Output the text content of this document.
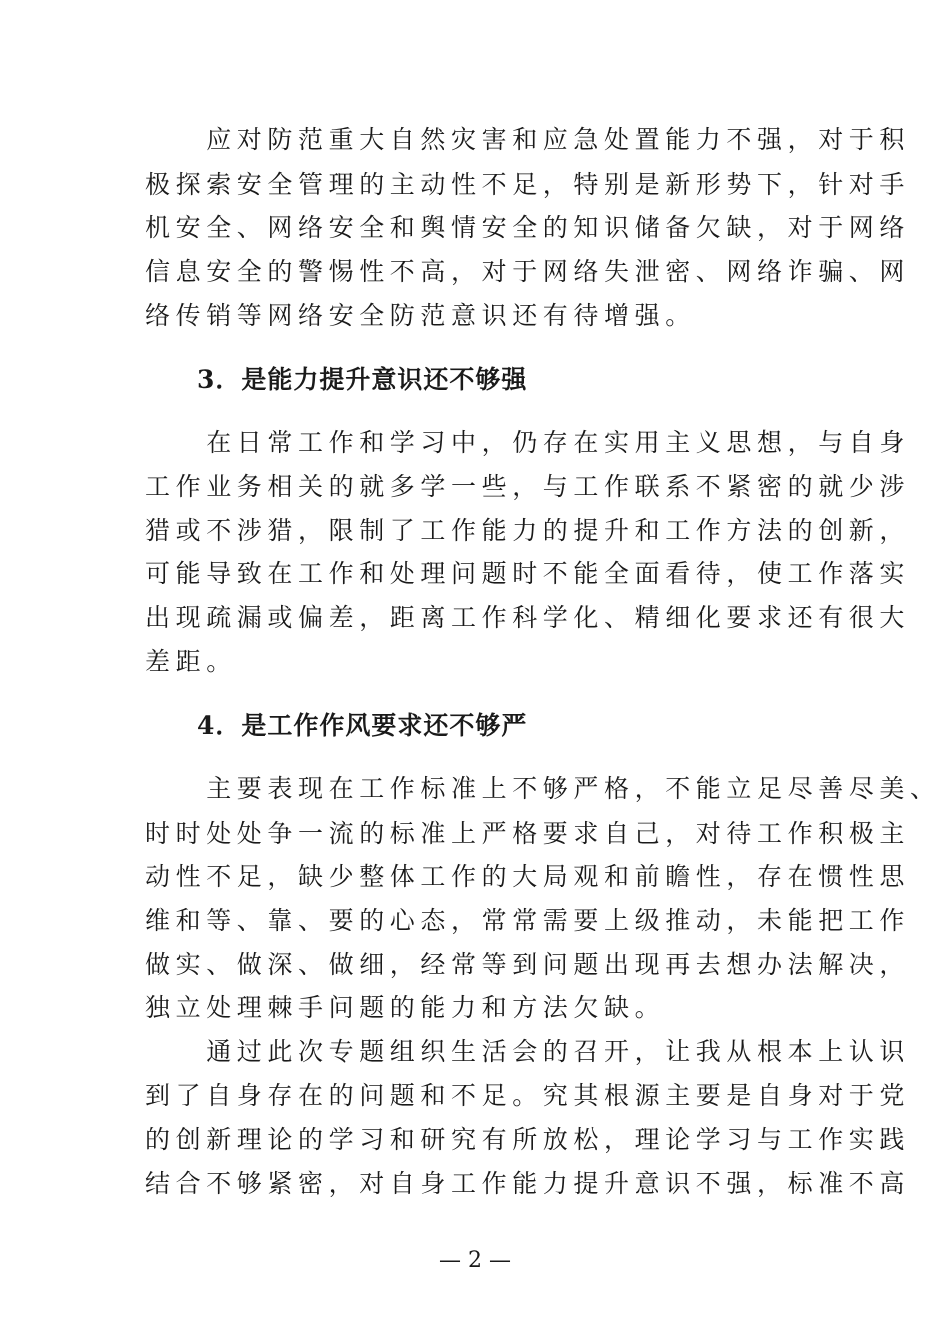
　　应对防范重大自然灾害和应急处置能力不强，对于积
极探索安全管理的主动性不足，特别是新形势下，针对手
机安全、网络安全和舆情安全的知识储备欠缺，对于网络
信息安全的警惕性不高，对于网络失泄密、网络诈骗、网
络传销等网络安全防范意识还有待增强。
　　3．是能力提升意识还不够强
　　在日常工作和学习中，仍存在实用主义思想，与自身
工作业务相关的就多学一些，与工作联系不紧密的就少涉
猎或不涉猎，限制了工作能力的提升和工作方法的创新，
可能导致在工作和处理问题时不能全面看待，使工作落实
出现疏漏或偏差，距离工作科学化、精细化要求还有很大
差距。
　　4．是工作作风要求还不够严
　　主要表现在工作标准上不够严格，不能立足尽善尽美、
时时处处争一流的标准上严格要求自己，对待工作积极主
动性不足，缺少整体工作的大局观和前瞻性，存在惯性思
维和等、靠、要的心态，常常需要上级推动，未能把工作
做实、做深、做细，经常等到问题出现再去想办法解决，
独立处理棘手问题的能力和方法欠缺。
　　通过此次专题组织生活会的召开，让我从根本上认识
到了自身存在的问题和不足。究其根源主要是自身对于党
的创新理论的学习和研究有所放松，理论学习与工作实践
结合不够紧密，对自身工作能力提升意识不强，标准不高
— 2 —
